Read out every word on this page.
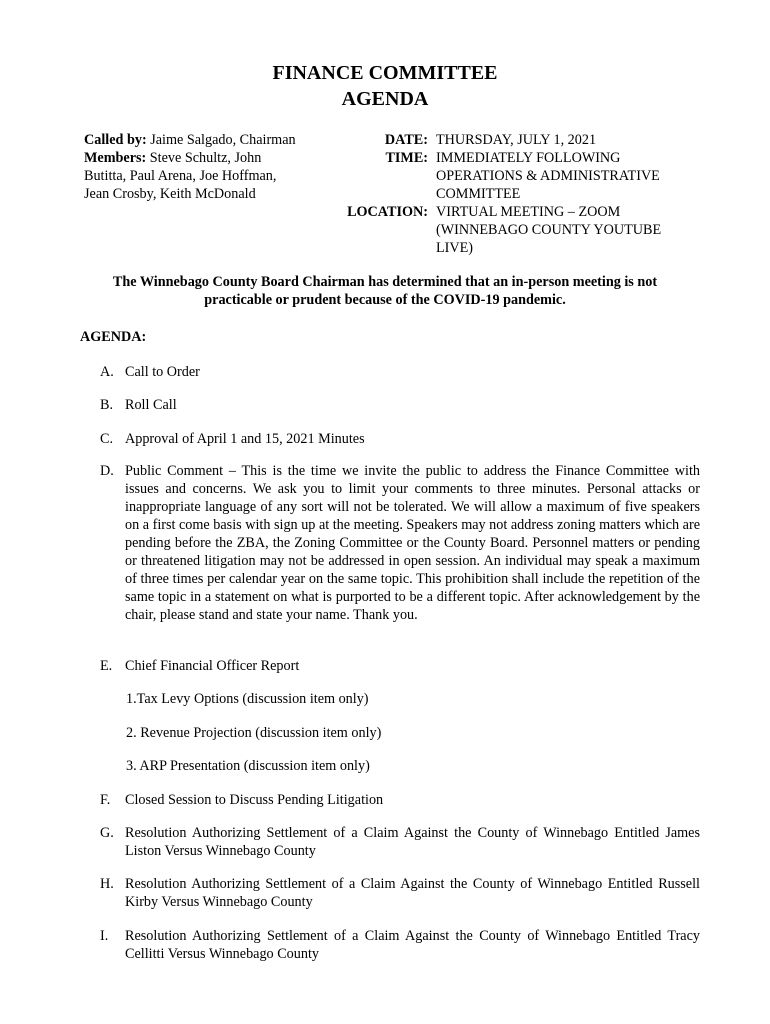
FINANCE COMMITTEE
AGENDA
Called by: Jaime Salgado, Chairman
Members: Steve Schultz, John
Butitta, Paul Arena, Joe Hoffman,
Jean Crosby, Keith McDonald
DATE: THURSDAY, JULY 1, 2021
TIME: IMMEDIATELY FOLLOWING
OPERATIONS & ADMINISTRATIVE
COMMITTEE
LOCATION: VIRTUAL MEETING – ZOOM
(WINNEBAGO COUNTY YOUTUBE
LIVE)
The Winnebago County Board Chairman has determined that an in-person meeting is not
practicable or prudent because of the COVID-19 pandemic.
AGENDA:
A. Call to Order
B. Roll Call
C. Approval of April 1 and 15, 2021 Minutes
D. Public Comment – This is the time we invite the public to address the Finance Committee with issues and concerns. We ask you to limit your comments to three minutes. Personal attacks or inappropriate language of any sort will not be tolerated. We will allow a maximum of five speakers on a first come basis with sign up at the meeting. Speakers may not address zoning matters which are pending before the ZBA, the Zoning Committee or the County Board. Personnel matters or pending or threatened litigation may not be addressed in open session. An individual may speak a maximum of three times per calendar year on the same topic. This prohibition shall include the repetition of the same topic in a statement on what is purported to be a different topic. After acknowledgement by the chair, please stand and state your name. Thank you.
E. Chief Financial Officer Report
1.Tax Levy Options (discussion item only)
2. Revenue Projection (discussion item only)
3. ARP Presentation (discussion item only)
F.	Closed Session to Discuss Pending Litigation
G. Resolution Authorizing Settlement of a Claim Against the County of Winnebago Entitled James Liston Versus Winnebago County
H. Resolution Authorizing Settlement of a Claim Against the County of Winnebago Entitled Russell Kirby Versus Winnebago County
I.	Resolution Authorizing Settlement of a Claim Against the County of Winnebago Entitled Tracy Cellitti Versus Winnebago County
